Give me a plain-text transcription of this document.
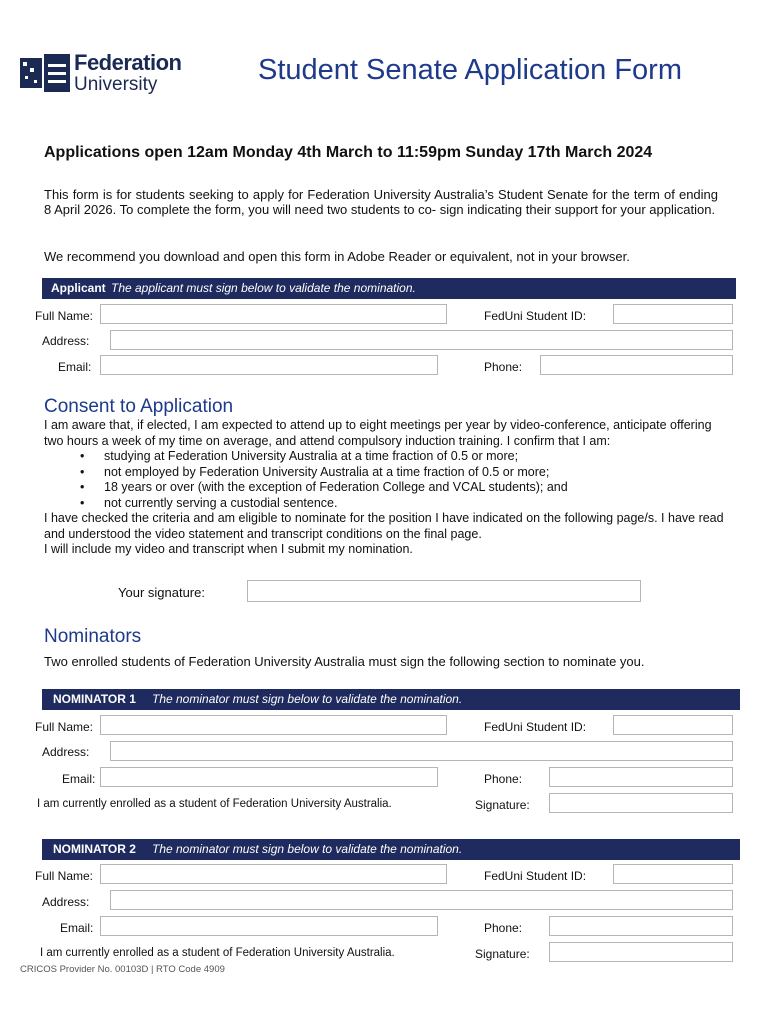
Federation
University	Student Senate Application Form
Applications open 12am Monday 4th March to 11:59pm Sunday 17th March 2024
This form is for students seeking to apply for Federation University Australia’s Student Senate for the term of ending 8 April 2026. To complete the form, you will need two students to co- sign indicating their support for your application.
We recommend you download and open this form in Adobe Reader or equivalent, not in your browser.
Applicant The applicant must sign below to validate the nomination.
Full Name:	FedUni Student ID:
Address:
Email:	Phone:
Consent to Application

I am aware that, if elected, I am expected to attend up to eight meetings per year by video-conference, anticipate offering two hours a week of my time on average, and attend compulsory induction training. I confirm that I am:

• studying at Federation University Australia at a time fraction of 0.5 or more;
• not employed by Federation University Australia at a time fraction of 0.5 or more;
• 18 years or over (with the exception of Federation College and VCAL students); and
• not currently serving a custodial sentence.

I have checked the criteria and am eligible to nominate for the position I have indicated on the following page/s. I have read and understood the video statement and transcript conditions on the final page.

I will include my video and transcript when I submit my nomination.

Your signature:
Nominators
Two enrolled students of Federation University Australia must sign the following section to nominate you.
NOMINATOR 1 The nominator must sign below to validate the nomination.
Full Name:	FedUni Student ID:
Address:
Email:	Phone:
I am currently enrolled as a student of Federation University Australia.	Signature:
NOMINATOR 2 The nominator must sign below to validate the nomination.
Full Name:	FedUni Student ID:
Address:
Email:	Phone:
I am currently enrolled as a student of Federation University Australia.	Signature:
CRICOS Provider No. 00103D | RTO Code 4909
